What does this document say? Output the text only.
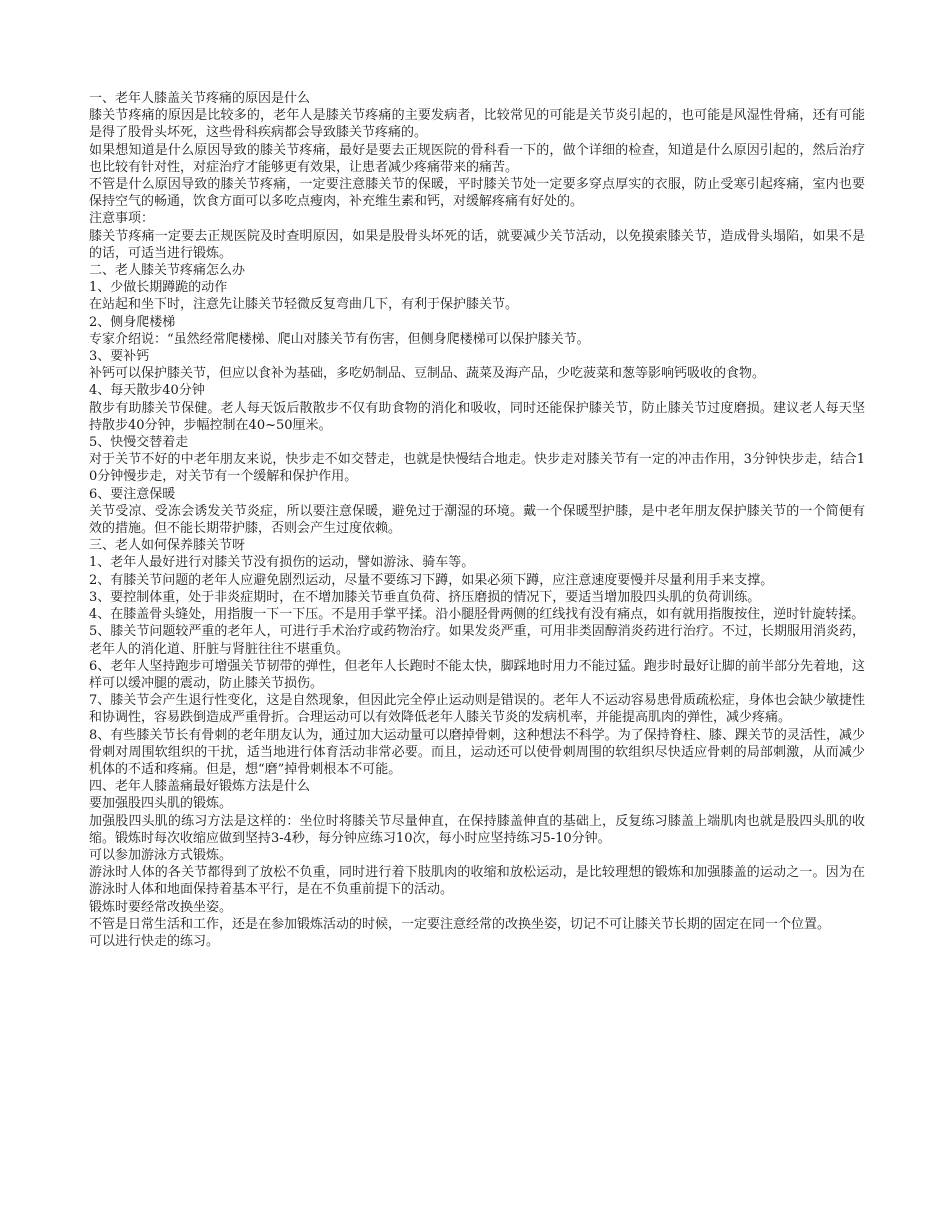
一、老年人膝盖关节疼痛的原因是什么

膝关节疼痛的原因是比较多的，老年人是膝关节疼痛的主要发病者，比较常见的可能是关节炎引起的，也可能是风湿性骨痛，还有可能是得了股骨头坏死，这些骨科疾病都会导致膝关节疼痛的。

如果想知道是什么原因导致的膝关节疼痛，最好是要去正规医院的骨科看一下的，做个详细的检查，知道是什么原因引起的，然后治疗也比较有针对性，对症治疗才能够更有效果，让患者减少疼痛带来的痛苦。

不管是什么原因导致的膝关节疼痛，一定要注意膝关节的保暖，平时膝关节处一定要多穿点厚实的衣服，防止受寒引起疼痛，室内也要保持空气的畅通，饮食方面可以多吃点瘦肉，补充维生素和钙，对缓解疼痛有好处的。

注意事项：

膝关节疼痛一定要去正规医院及时查明原因，如果是股骨头坏死的话，就要减少关节活动，以免摸索膝关节，造成骨头塌陷，如果不是的话，可适当进行锻炼。

二、老人膝关节疼痛怎么办

1、少做长期蹲跪的动作

在站起和坐下时，注意先让膝关节轻微反复弯曲几下，有利于保护膝关节。

2、侧身爬楼梯

专家介绍说：“虽然经常爬楼梯、爬山对膝关节有伤害，但侧身爬楼梯可以保护膝关节。

3、要补钙

补钙可以保护膝关节，但应以食补为基础，多吃奶制品、豆制品、蔬菜及海产品，少吃菠菜和葱等影响钙吸收的食物。

4、每天散步40分钟

散步有助膝关节保健。老人每天饭后散散步不仅有助食物的消化和吸收，同时还能保护膝关节，防止膝关节过度磨损。建议老人每天坚持散步40分钟，步幅控制在40~50厘米。

5、快慢交替着走

对于关节不好的中老年朋友来说，快步走不如交替走，也就是快慢结合地走。快步走对膝关节有一定的冲击作用，3分钟快步走，结合10分钟慢步走，对关节有一个缓解和保护作用。

6、要注意保暖

关节受凉、受冻会诱发关节炎症，所以要注意保暖，避免过于潮湿的环境。戴一个保暖型护膝，是中老年朋友保护膝关节的一个简便有效的措施。但不能长期带护膝，否则会产生过度依赖。

三、老人如何保养膝关节呀

1、老年人最好进行对膝关节没有损伤的运动，譬如游泳、骑车等。

2、有膝关节问题的老年人应避免剧烈运动，尽量不要练习下蹲，如果必须下蹲，应注意速度要慢并尽量利用手来支撑。

3、要控制体重，处于非炎症期时，在不增加膝关节垂直负荷、挤压磨损的情况下，要适当增加股四头肌的负荷训练。

4、在膝盖骨头缝处，用指腹一下一下压。不是用手掌平揉。沿小腿胫骨两侧的红线找有没有痛点，如有就用指腹按住，逆时针旋转揉。

5、膝关节问题较严重的老年人，可进行手术治疗或药物治疗。如果发炎严重，可用非类固醇消炎药进行治疗。不过，长期服用消炎药，老年人的消化道、肝脏与肾脏往往不堪重负。

6、老年人坚持跑步可增强关节韧带的弹性，但老年人长跑时不能太快，脚踩地时用力不能过猛。跑步时最好让脚的前半部分先着地，这样可以缓冲腿的震动，防止膝关节损伤。

7、膝关节会产生退行性变化，这是自然现象，但因此完全停止运动则是错误的。老年人不运动容易患骨质疏松症，身体也会缺少敏捷性和协调性，容易跌倒造成严重骨折。合理运动可以有效降低老年人膝关节炎的发病机率，并能提高肌肉的弹性，减少疼痛。

8、有些膝关节长有骨刺的老年朋友认为，通过加大运动量可以磨掉骨刺，这种想法不科学。为了保持脊柱、膝、踝关节的灵活性，减少骨刺对周围软组织的干扰，适当地进行体育活动非常必要。而且，运动还可以使骨刺周围的软组织尽快适应骨刺的局部刺激，从而减少机体的不适和疼痛。但是，想“磨”掉骨刺根本不可能。

四、老年人膝盖痛最好锻炼方法是什么

要加强股四头肌的锻炼。

加强股四头肌的练习方法是这样的：坐位时将膝关节尽量伸直，在保持膝盖伸直的基础上，反复练习膝盖上端肌肉也就是股四头肌的收缩。锻炼时每次收缩应做到坚持3-4秒，每分钟应练习10次，每小时应坚持练习5-10分钟。

可以参加游泳方式锻炼。

游泳时人体的各关节都得到了放松不负重，同时进行着下肢肌肉的收缩和放松运动，是比较理想的锻炼和加强膝盖的运动之一。因为在游泳时人体和地面保持着基本平行，是在不负重前提下的活动。

锻炼时要经常改换坐姿。

不管是日常生活和工作，还是在参加锻炼活动的时候，一定要注意经常的改换坐姿，切记不可让膝关节长期的固定在同一个位置。

可以进行快走的练习。
